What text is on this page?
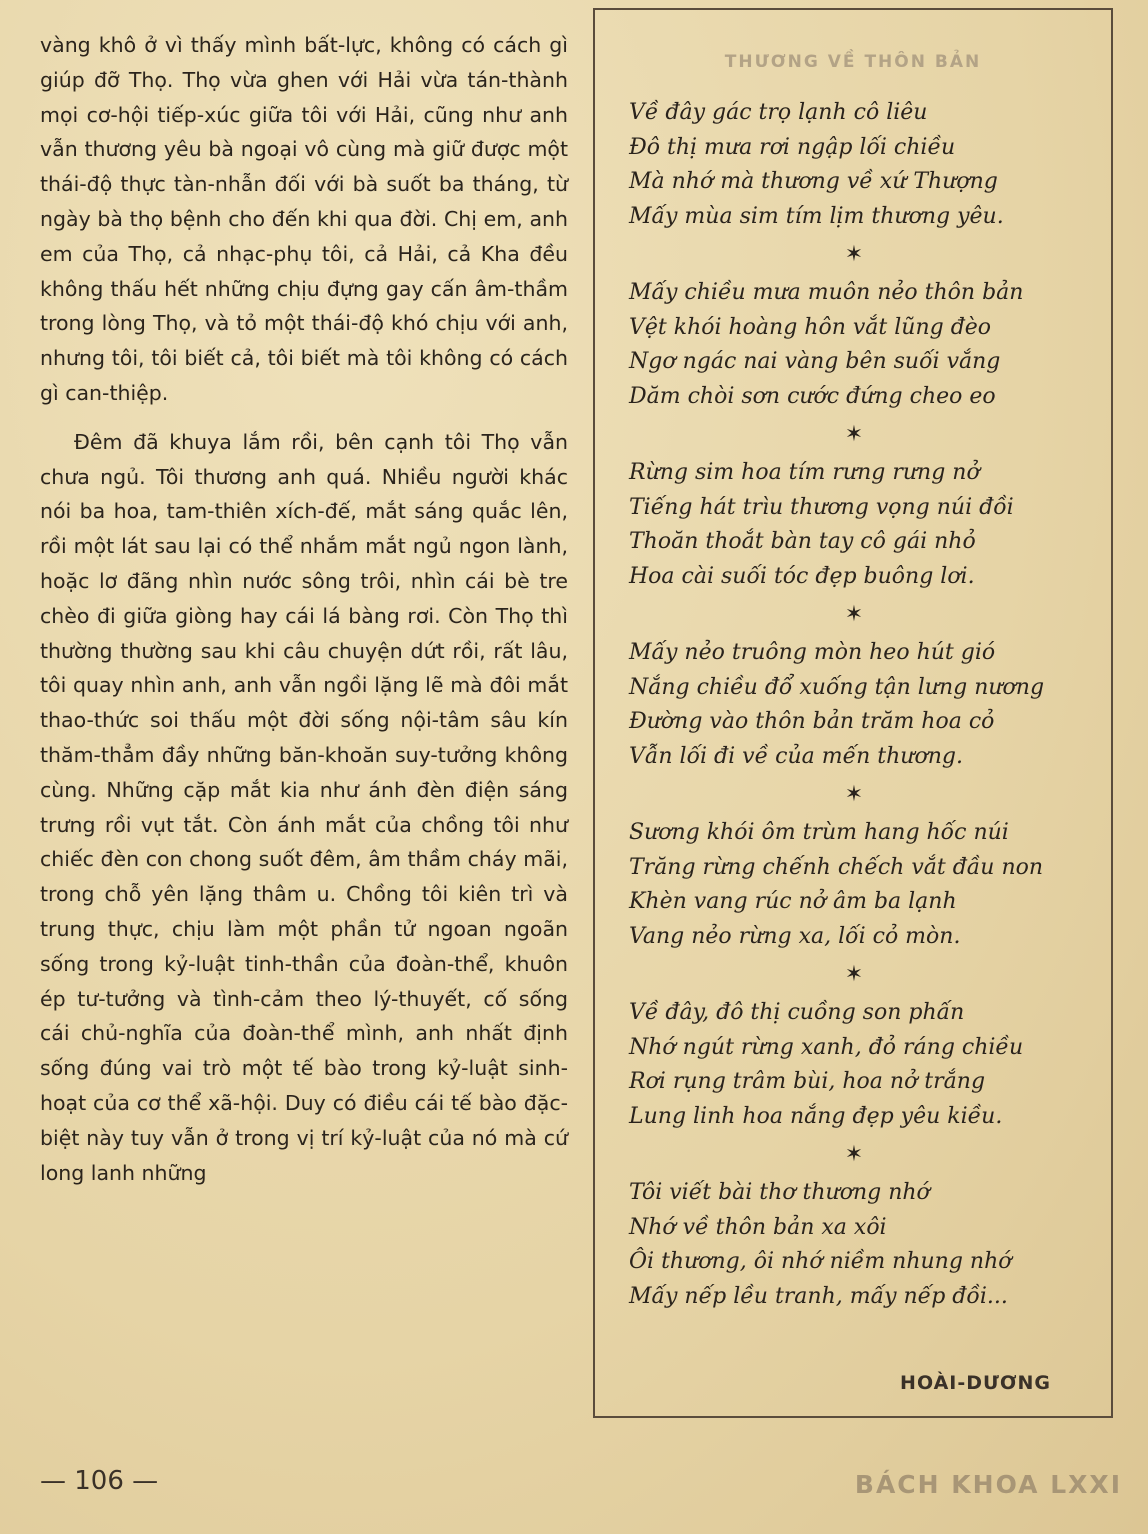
vàng khô ở vì thấy mình bất-lực, không có cách gì giúp đỡ Thọ. Thọ vừa ghen với Hải vừa tán-thành mọi cơ-hội tiếp-xúc giữa tôi với Hải, cũng như anh vẫn thương yêu bà ngoại vô cùng mà giữ được một thái-độ thực tàn-nhẫn đối với bà suốt ba tháng, từ ngày bà thọ bệnh cho đến khi qua đời. Chị em, anh em của Thọ, cả nhạc-phụ tôi, cả Hải, cả Kha đều không thấu hết những chịu đựng gay cấn âm-thầm trong lòng Thọ, và tỏ một thái-độ khó chịu với anh, nhưng tôi, tôi biết cả, tôi biết mà tôi không có cách gì can-thiệp.

Đêm đã khuya lắm rồi, bên cạnh tôi Thọ vẫn chưa ngủ. Tôi thương anh quá. Nhiều người khác nói ba hoa, tam-thiên xích-đế, mắt sáng quắc lên, rồi một lát sau lại có thể nhắm mắt ngủ ngon lành, hoặc lơ đãng nhìn nước sông trôi, nhìn cái bè tre chèo đi giữa giòng hay cái lá bàng rơi. Còn Thọ thì thường thường sau khi câu chuyện dứt rồi, rất lâu, tôi quay nhìn anh, anh vẫn ngồi lặng lẽ mà đôi mắt thao-thức soi thấu một đời sống nội-tâm sâu kín thăm-thẳm đầy những băn-khoăn suy-tưởng không cùng. Những cặp mắt kia như ánh đèn điện sáng trưng rồi vụt tắt. Còn ánh mắt của chồng tôi như chiếc đèn con chong suốt đêm, âm thầm cháy mãi, trong chỗ yên lặng thâm u. Chồng tôi kiên trì và trung thực, chịu làm một phần tử ngoan ngoãn sống trong kỷ-luật tinh-thần của đoàn-thể, khuôn ép tư-tưởng và tình-cảm theo lý-thuyết, cố sống cái chủ-nghĩa của đoàn-thể mình, anh nhất định sống đúng vai trò một tế bào trong kỷ-luật sinh-hoạt của cơ thể xã-hội. Duy có điều cái tế bào đặc-biệt này tuy vẫn ở trong vị trí kỷ-luật của nó mà cứ long lanh những

THƯƠNG VỀ THÔN BẢN
Về đây gác trọ lạnh cô liêu
Đô thị mưa rơi ngập lối chiều
Mà nhớ mà thương về xứ Thượng
Mấy mùa sim tím lịm thương yêu.
✶
Mấy chiều mưa muôn nẻo thôn bản
Vệt khói hoàng hôn vắt lũng đèo
Ngơ ngác nai vàng bên suối vắng
Dăm chòi sơn cước đứng cheo eo
✶
Rừng sim hoa tím rưng rưng nở
Tiếng hát trìu thương vọng núi đồi
Thoăn thoắt bàn tay cô gái nhỏ
Hoa cài suối tóc đẹp buông lơi.
✶
Mấy nẻo truông mòn heo hút gió
Nắng chiều đổ xuống tận lưng nương
Đường vào thôn bản trăm hoa cỏ
Vẫn lối đi về của mến thương.
✶
Sương khói ôm trùm hang hốc núi
Trăng rừng chếnh chếch vắt đầu non
Khèn vang rúc nở âm ba lạnh
Vang nẻo rừng xa, lối cỏ mòn.
✶
Về đây, đô thị cuồng son phấn
Nhớ ngút rừng xanh, đỏ ráng chiều
Rơi rụng trâm bùi, hoa nở trắng
Lung linh hoa nắng đẹp yêu kiều.
✶
Tôi viết bài thơ thương nhớ
Nhớ về thôn bản xa xôi
Ôi thương, ôi nhớ niềm nhung nhớ
Mấy nếp lều tranh, mấy nếp đồi...
HOÀI-DƯƠNG
— 106 —	BÁCH KHOA LXXI
